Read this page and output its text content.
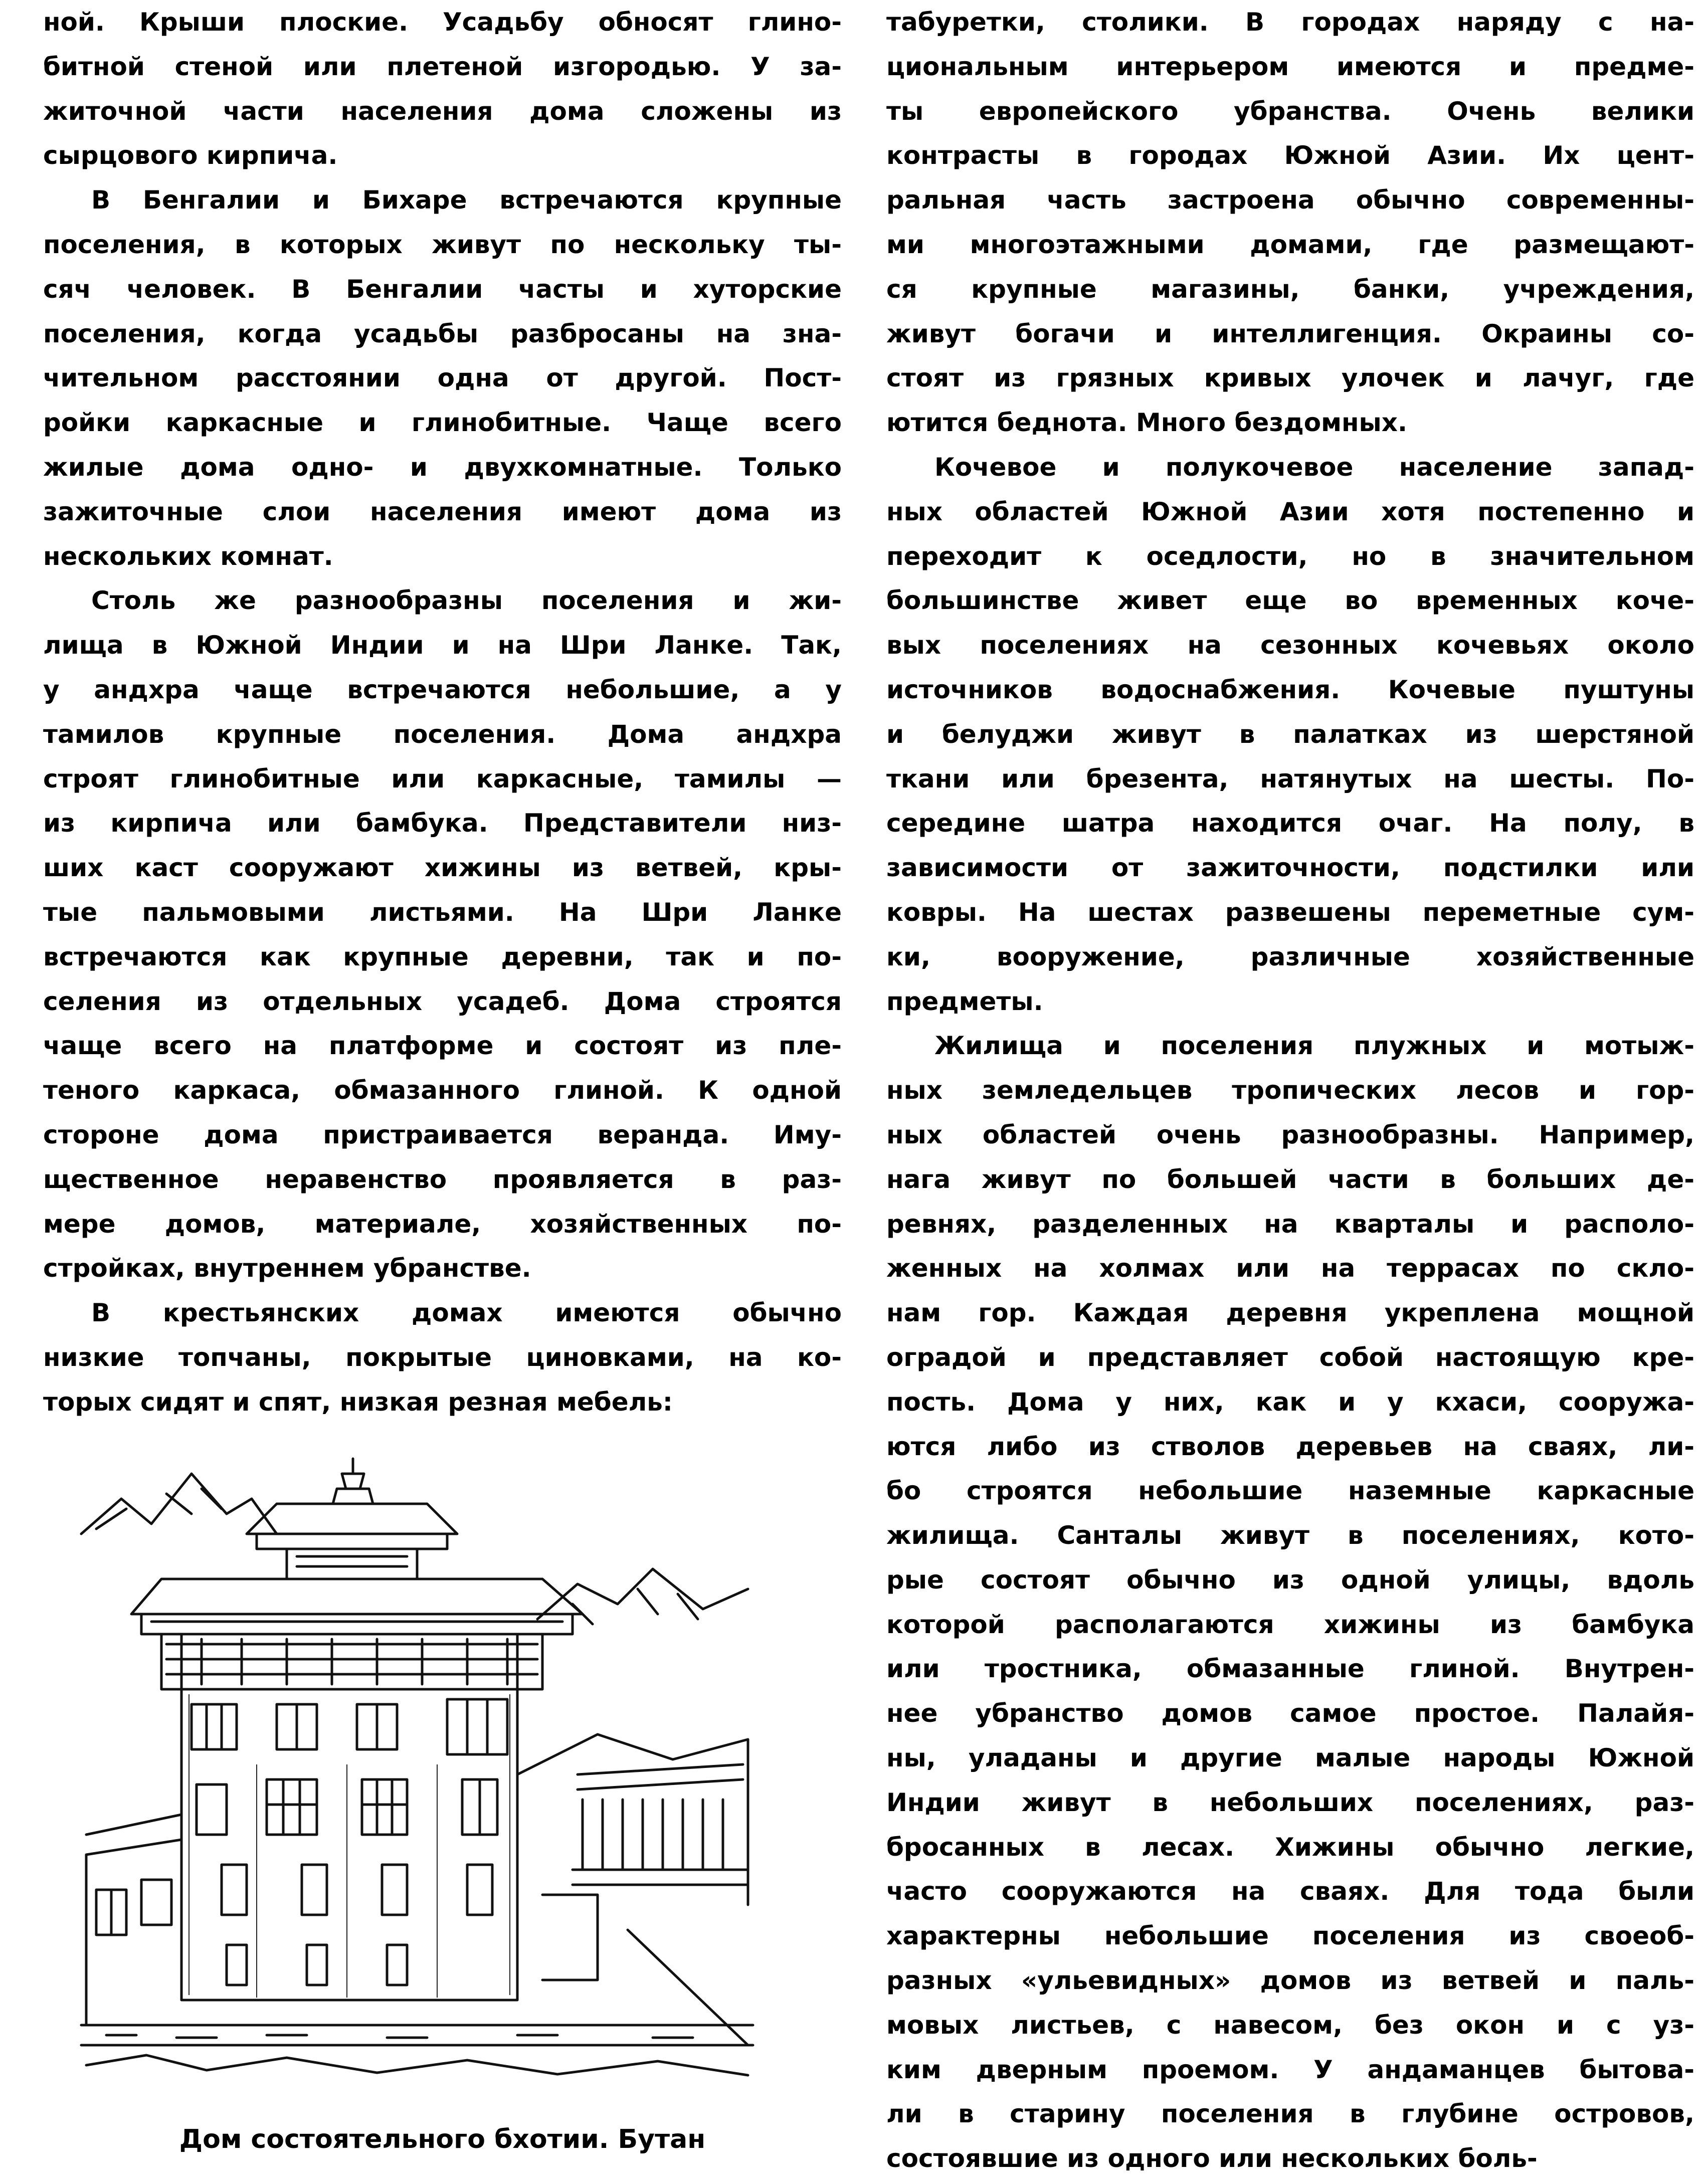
ной. Крыши плоские. Усадьбу обносят глино-
битной стеной или плетеной изгородью. У за-
житочной части населения дома сложены из
сырцового кирпича.
В Бенгалии и Бихаре встречаются крупные
поселения, в которых живут по нескольку ты-
сяч человек. В Бенгалии часты и хуторские
поселения, когда усадьбы разбросаны на зна-
чительном расстоянии одна от другой. Пост-
ройки каркасные и глинобитные. Чаще всего
жилые дома одно- и двухкомнатные. Только
зажиточные слои населения имеют дома из
нескольких комнат.
Столь же разнообразны поселения и жи-
лища в Южной Индии и на Шри Ланке. Так,
у андхра чаще встречаются небольшие, а у
тамилов крупные поселения. Дома андхра
строят глинобитные или каркасные, тамилы —
из кирпича или бамбука. Представители низ-
ших каст сооружают хижины из ветвей, кры-
тые пальмовыми листьями. На Шри Ланке
встречаются как крупные деревни, так и по-
селения из отдельных усадеб. Дома строятся
чаще всего на платформе и состоят из пле-
теного каркаса, обмазанного глиной. К одной
стороне дома пристраивается веранда. Иму-
щественное неравенство проявляется в раз-
мере домов, материале, хозяйственных по-
стройках, внутреннем убранстве.
В крестьянских домах имеются обычно
низкие топчаны, покрытые циновками, на ко-
торых сидят и спят, низкая резная мебель:
табуретки, столики. В городах наряду с на-
циональным интерьером имеются и предме-
ты европейского убранства. Очень велики
контрасты в городах Южной Азии. Их цент-
ральная часть застроена обычно современны-
ми многоэтажными домами, где размещают-
ся крупные магазины, банки, учреждения,
живут богачи и интеллигенция. Окраины со-
стоят из грязных кривых улочек и лачуг, где
ютится беднота. Много бездомных.
Кочевое и полукочевое население запад-
ных областей Южной Азии хотя постепенно и
переходит к оседлости, но в значительном
большинстве живет еще во временных коче-
вых поселениях на сезонных кочевьях около
источников водоснабжения. Кочевые пуштуны
и белуджи живут в палатках из шерстяной
ткани или брезента, натянутых на шесты. По-
середине шатра находится очаг. На полу, в
зависимости от зажиточности, подстилки или
ковры. На шестах развешены переметные сум-
ки, вооружение, различные хозяйственные
предметы.
Жилища и поселения плужных и мотыж-
ных земледельцев тропических лесов и гор-
ных областей очень разнообразны. Например,
нага живут по большей части в больших де-
ревнях, разделенных на кварталы и располо-
женных на холмах или на террасах по скло-
нам гор. Каждая деревня укреплена мощной
оградой и представляет собой настоящую кре-
пость. Дома у них, как и у кхаси, сооружа-
ются либо из стволов деревьев на сваях, ли-
бо строятся небольшие наземные каркасные
жилища. Санталы живут в поселениях, кото-
рые состоят обычно из одной улицы, вдоль
которой располагаются хижины из бамбука
или тростника, обмазанные глиной. Внутрен-
нее убранство домов самое простое. Палайя-
ны, уладаны и другие малые народы Южной
Индии живут в небольших поселениях, раз-
бросанных в лесах. Хижины обычно легкие,
часто сооружаются на сваях. Для тода были
характерны небольшие поселения из своеоб-
разных «ульевидных» домов из ветвей и паль-
мовых листьев, с навесом, без окон и с уз-
ким дверным проемом. У андаманцев бытова-
ли в старину поселения в глубине островов,
состоявшие из одного или нескольких боль-
Дом состоятельного бхотии. Бутан
